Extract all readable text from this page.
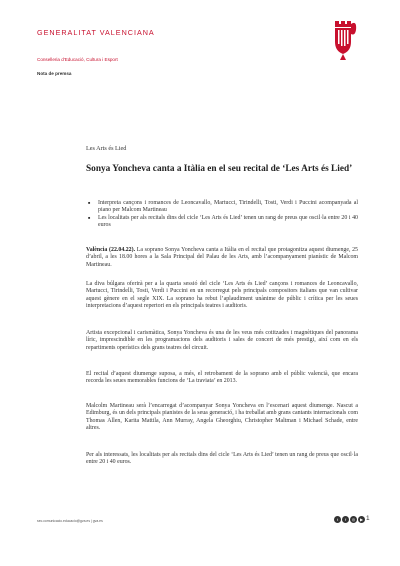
GENERALITAT VALENCIANA
Conselleria d'Educació, Cultura i Esport
Nota de premsa
Les Arts és Lied
Sonya Yoncheva canta a Itàlia en el seu recital de ‘Les Arts és Lied’
■ Interpreta cançons i romances de Leoncavallo, Martucci, Tirindelli, Tosti, Verdi i Puccini acompanyada al piano per Malcom Martineau
■ Les localitats per als recitals dins del cicle ‘Les Arts és Lied’ tenen un rang de preus que oscil·la entre 20 i 40 euros

València (22.04.22). La soprano Sonya Yoncheva canta a Itàlia en el recital que protagonitza aquest diumenge, 25 d’abril, a les 18.00 hores a la Sala Principal del Palau de les Arts, amb l’acompanyament pianístic de Malcom Martineau.

La diva búlgara oferirà per a la quarta sessió del cicle ‘Les Arts és Lied’ cançons i romances de Leoncavallo, Martucci, Tirindelli, Tosti, Verdi i Puccini en un recorregut pels principals compositors italians que van cultivar aquest gènere en el segle XIX. La soprano ha rebut l’aplaudiment unànime de públic i crítica per les seues interpretacions d’aquest repertori en els principals teatres i auditoris.

Artista excepcional i carismàtica, Sonya Yoncheva és una de les veus més cotitzades i magnètiques del panorama líric, imprescindible en les programacions dels auditoris i sales de concert de més prestigi, així com en els repartiments operístics dels grans teatres del circuit.

El recital d’aquest diumenge suposa, a més, el retrobament de la soprano amb el públic valencià, que encara recorda les seues memorables funcions de ‘La traviata’ en 2013.

Malcolm Martineau serà l’encarregat d’acompanyar Sonya Yoncheva en l’escenari aquest diumenge. Nascut a Edimburg, és un dels principals pianistes de la seua generació, i ha treballat amb grans cantants internacionals com Thomas Allen, Karita Mattila, Ann Murray, Angela Gheorghiu, Christopher Maltman i Michael Schade, entre altres.

Per als interessats, les localitats per als recitals dins del cicle ‘Les Arts és Lied’ tenen un rang de preus que oscil·la entre 20 i 40 euros.

sec.comunicacio.educacio@gva.es | gva.es	t	f	◎	▶ 1
